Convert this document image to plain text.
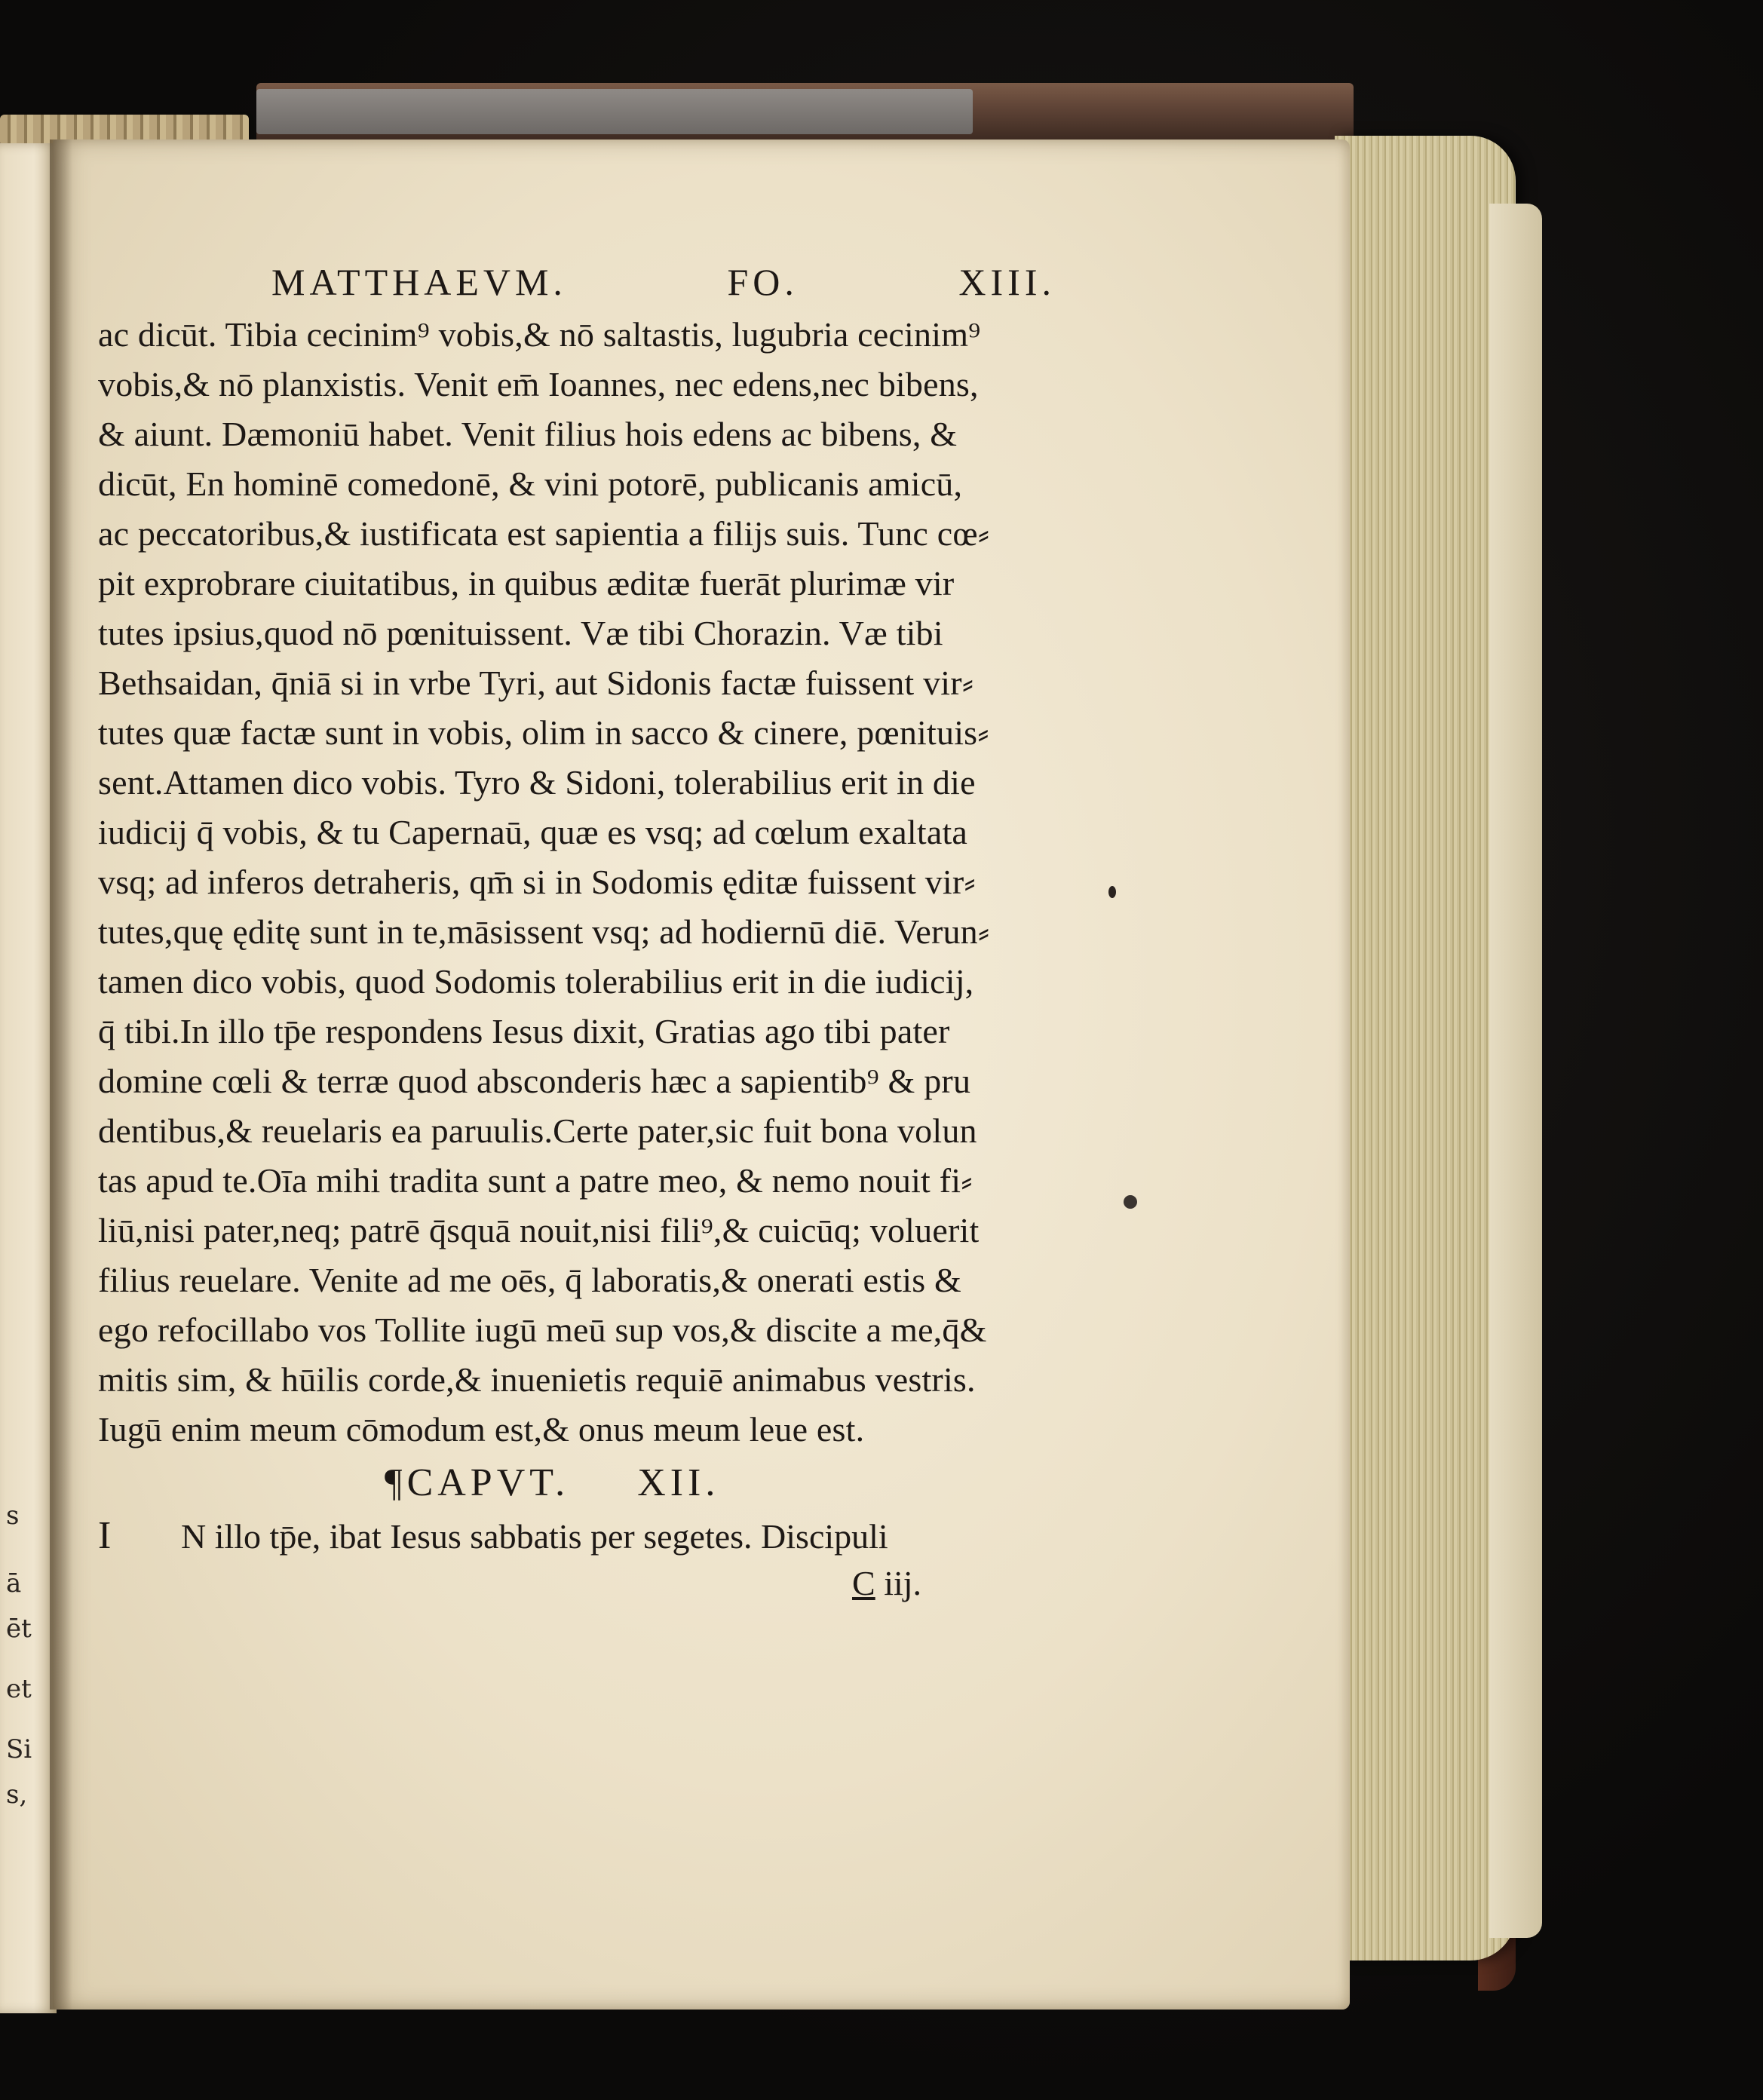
s
ā
ēt
et
Si
s,
MATTHAEVM.	FO.	XIII.
ac dicūt. Tibia cecinim⁹ vobis,& nō saltastis, lugubria cecinim⁹
vobis,& nō planxistis. Venit em̄ Ioannes, nec edens,nec bibens,
& aiunt. Dæmoniū habet. Venit filius hois edens ac bibens, &
dicūt, En hominē comedonē, & vini potorē, publicanis amicū,
ac peccatoribus,& iustificata est sapientia a filijs suis. Tunc cœ⸗
pit exprobrare ciuitatibus, in quibus æditæ fuerāt plurimæ vir
tutes ipsius,quod nō pœnituissent. Væ tibi Chorazin. Væ tibi
Bethsaidan, q̄niā si in vrbe Tyri, aut Sidonis factæ fuissent vir⸗
tutes quæ factæ sunt in vobis, olim in sacco & cinere, pœnituis⸗
sent.Attamen dico vobis. Tyro & Sidoni, tolerabilius erit in die
iudicij q̄ vobis, & tu Capernaū, quæ es vsq; ad cœlum exaltata
vsq; ad inferos detraheris, qm̄ si in Sodomis ęditæ fuissent vir⸗
tutes,quę ęditę sunt in te,māsissent vsq; ad hodiernū diē. Verun⸗
tamen dico vobis, quod Sodomis tolerabilius erit in die iudicij,
q̄ tibi.In illo tp̄e respondens Iesus dixit, Gratias ago tibi pater
domine cœli & terræ quod absconderis hæc a sapientib⁹ & pru
dentibus,& reuelaris ea paruulis.Certe pater,sic fuit bona volun
tas apud te.Oīa mihi tradita sunt a patre meo, & nemo nouit fi⸗
liū,nisi pater,neq; patrē q̄squā nouit,nisi fili⁹,& cuicūq; voluerit
filius reuelare. Venite ad me oēs, q̄ laboratis,& onerati estis &
ego refocillabo vos Tollite iugū meū sup vos,& discite a me,q̄&
mitis sim, & hūilis corde,& inuenietis requiē animabus vestris.
Iugū enim meum cōmodum est,& onus meum leue est.
¶CAPVT. XII.
I N illo tp̄e, ibat Iesus sabbatis per segetes. Discipuli
C iij.
